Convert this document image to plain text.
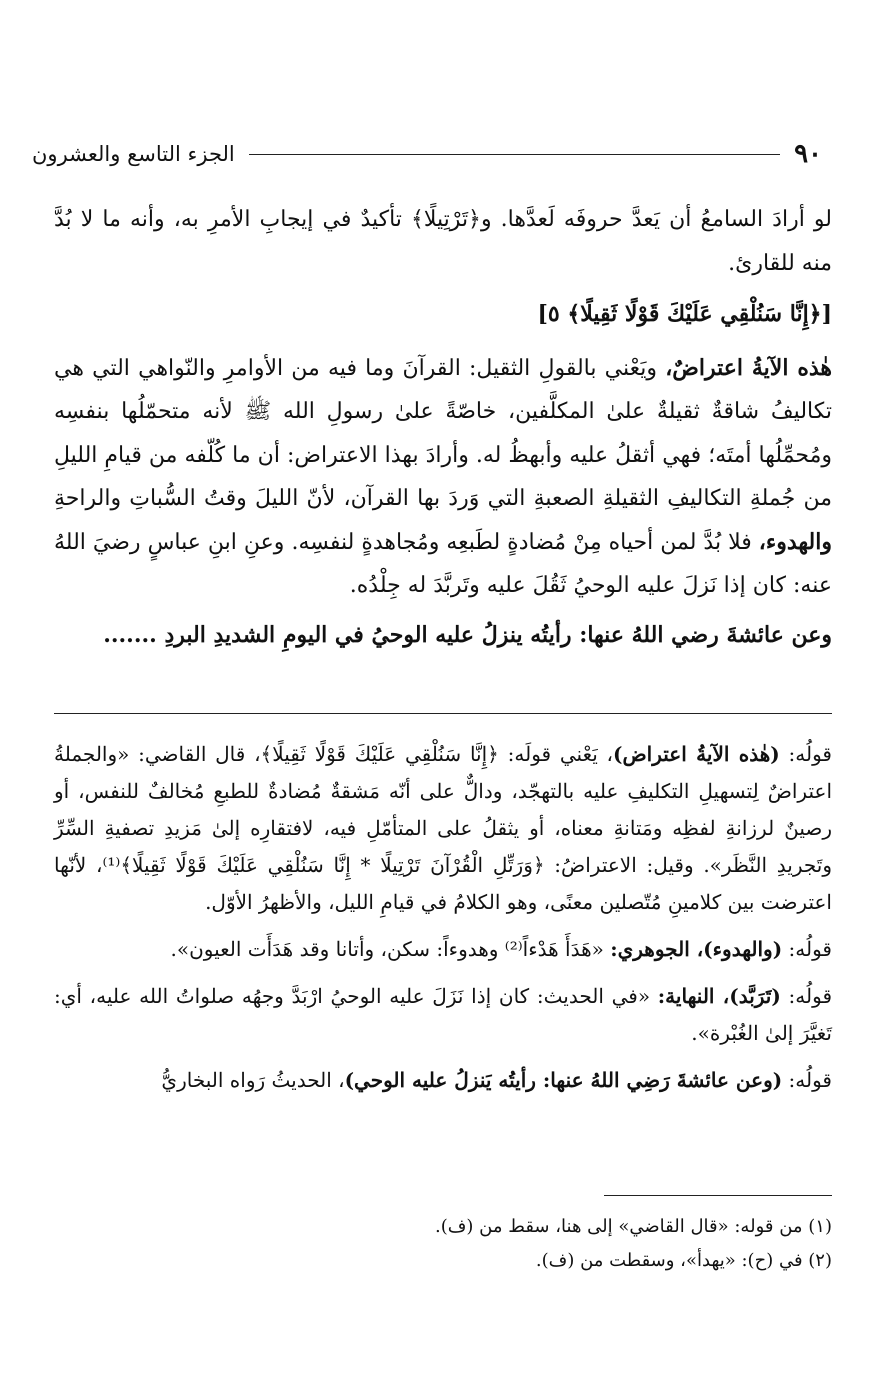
٩٠
الجزء التاسع والعشرون

لو أرادَ السامعُ أن يَعدَّ حروفَه لَعدَّها. و﴿تَرْتِيلًا﴾ تأكيدٌ في إيجابِ الأمرِ به، وأنه ما لا بُدَّ منه للقارئ.

[﴿إِنَّا سَنُلْقِي عَلَيْكَ قَوْلًا ثَقِيلًا﴾ ٥]

هٰذه الآيةُ اعتراضٌ، ويَعْني بالقولِ الثقيل: القرآنَ وما فيه من الأوامرِ والنّواهي التي هي تكاليفُ شاقةٌ ثقيلةٌ علىٰ المكلَّفين، خاصّةً علىٰ رسولِ الله ﷺ لأنه متحمّلُها بنفسِه ومُحمِّلُها أمتَه؛ فهي أثقلُ عليه وأبهظُ له. وأرادَ بهذا الاعتراض: أن ما كُلّفه من قيامِ الليلِ من جُملةِ التكاليفِ الثقيلةِ الصعبةِ التي وَردَ بها القرآن، لأنّ الليلَ وقتُ السُّباتِ والراحةِ والهدوء، فلا بُدَّ لمن أحياه مِنْ مُضادةٍ لطَبعِه ومُجاهدةٍ لنفسِه. وعنِ ابنِ عباسٍ رضيَ اللهُ عنه: كان إذا نَزلَ عليه الوحيُ ثَقُلَ عليه وتَربَّدَ له جِلْدُه.

وعن عائشةَ رضي اللهُ عنها: رأيتُه ينزلُ عليه الوحيُ في اليومِ الشديدِ البردِ .......

قولُه: (هٰذه الآيةُ اعتراض)، يَعْني قولَه: ﴿إِنَّا سَنُلْقِي عَلَيْكَ قَوْلًا ثَقِيلًا﴾، قال القاضي: «والجملةُ اعتراضٌ لِتسهيلِ التكليفِ عليه بالتهجّد، ودالٌّ على أنّه مَشقةٌ مُضادةٌ للطبعِ مُخالفٌ للنفس، أو رصينٌ لرزانةِ لفظِه ومَتانةِ معناه، أو يثقلُ على المتأمّلِ فيه، لافتقارِه إلىٰ مَزيدِ تصفيةِ السِّرِّ وتَجريدِ النَّظَر». وقيل: الاعتراضُ: ﴿وَرَتِّلِ الْقُرْآنَ تَرْتِيلًا * إِنَّا سَنُلْقِي عَلَيْكَ قَوْلًا ثَقِيلًا﴾⁽¹⁾، لأنّها اعترضت بين كلامينِ مُتّصلين معنًى، وهو الكلامُ في قيامِ الليل، والأظهرُ الأوّل.

قولُه: (والهدوء)، الجوهري: «هَدَأَ هَدْءاً⁽²⁾ وهدوءاً: سكن، وأتانا وقد هَدَأَت العيون».

قولُه: (تَرَبَّد)، النهاية: «في الحديث: كان إذا نَزَلَ عليه الوحيُ ارْبَدَّ وجهُه صلواتُ الله عليه، أي: تَغيَّرَ إلىٰ الغُبْرة».

قولُه: (وعن عائشةَ رَضِي اللهُ عنها: رأيتُه يَنزلُ عليه الوحي)، الحديثُ رَواه البخاريُّ

(١) من قوله: «قال القاضي» إلى هنا، سقط من (ف).

(٢) في (ح): «يهدأ»، وسقطت من (ف).
